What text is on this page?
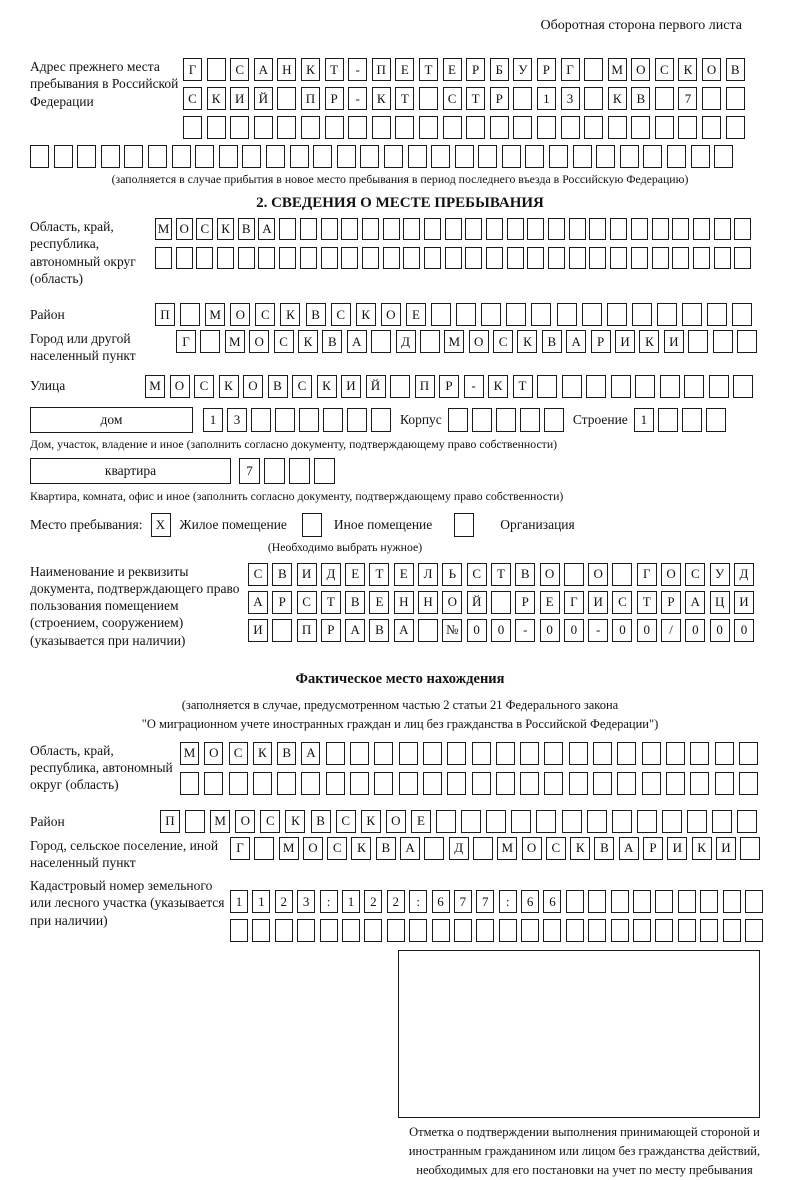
Оборотная сторона первого листа
Адрес прежнего места пребывания в Российской Федерации
Г	С	А	Н	К	Т	-	П	Е	Т	Е	Р	Б	У	Р	Г	М	О	С	К	О	В
С	К	И	Й	П	Р	-	К	Т	С	Т	Р	1	3	К	В	7
(заполняется в случае прибытия в новое место пребывания в период последнего въезда в Российскую Федерацию)
2. СВЕДЕНИЯ О МЕСТЕ ПРЕБЫВАНИЯ
Область, край, республика, автономный округ (область)
М О С К В А
Район	П	М	О	С	К	В	С	К	О	Е
Город или другой населенный пункт
Г	М	О	С	К	В	А	Д	М	О	С	К	В	А	Р	И	К	И
Улица	М	О	С	К	О	В	С	К	И	Й	П	Р	-	К	Т
дом	1	3	Корпус	Строение 1
Дом, участок, владение и иное (заполнить согласно документу, подтверждающему право собственности)
квартира	7
Квартира, комната, офис и иное (заполнить согласно документу, подтверждающему право собственности)
Место пребывания:	X	Жилое помещение	Иное помещение	Организация
(Необходимо выбрать нужное)
Наименование и реквизиты документа, подтверждающего право пользования помещением (строением, сооружением) (указывается при наличии)
С	В	И	Д	Е	Т	Е	Л	Ь	С	Т	В	О	О	Г	О	С	У	Д
А	Р	С	Т	В	Е	Н	Н	О	Й	Р	Е	Г	И	С	Т	Р	А	Ц	И
И	П	Р	А	В	А	№	0	0	-	0	0	-	0	0	/	0	0	0
Фактическое место нахождения
(заполняется в случае, предусмотренном частью 2 статьи 21 Федерального закона
"О миграционном учете иностранных граждан и лиц без гражданства в Российской Федерации")
Область, край, республика, автономный округ (область)
М	О	С	К	В	А
Район	П	М	О	С	К	В	С	К	О	Е
Город, сельское поселение, иной населенный пункт
Г	М	О	С	К	В	А	Д	М	О	С	К	В	А	Р	И	К	И
Кадастровый номер земельного или лесного участка (указывается при наличии)
1	1	2	3	:	1	2	2	:	6	7	7	:	6	6
Отметка о подтверждении выполнения принимающей стороной и иностранным гражданином или лицом без гражданства действий, необходимых для его постановки на учет по месту пребывания
